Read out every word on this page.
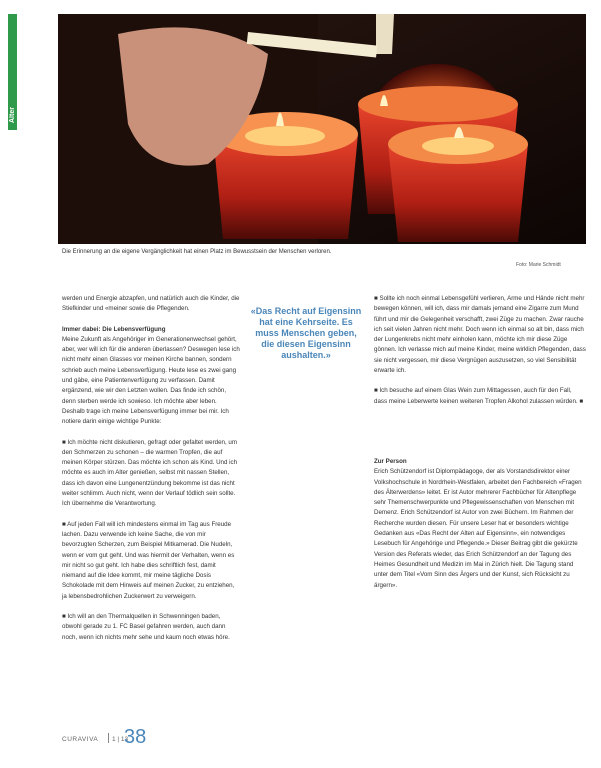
Alter
Die Erinnerung an die eigene Vergänglichkeit hat einen Platz im Bewusstsein der Menschen verloren.
Foto: Marie Schmidt

werden und Energie abzapfen, und natürlich auch die Kinder, die Stiefkinder und «meiner sowie die Pflegenden.

Immer dabei: Die Lebensverfügung

Meine Zukunft als Angehöriger im Generationenwechsel gehört, aber, wer will ich für die anderen überlassen? Deswegen lese ich nicht mehr einen Glasses vor meinen Kirche bannen, sondern schrieb auch meine Lebensverfügung. Heute lese es zwei gang und gäbe, eine Patientenverfügung zu verfassen. Damit ergänzend, wie wir den Letzten wollen. Das finde ich schön, denn sterben werde ich sowieso. Ich möchte aber leben. Deshalb trage ich meine Lebensverfügung immer bei mir. Ich notiere darin einige wichtige Punkte:

■ Ich möchte nicht diskutieren, gefragt oder gefaltet werden, um den Schmerzen zu schonen – die warmen Tropfen, die auf meinen Körper stürzen. Das möchte ich schon als Kind. Und ich möchte es auch im Alter genießen, selbst mit nassen Stellen, dass ich davon eine Lungenentzündung bekomme ist das nicht weiter schlimm. Auch nicht, wenn der Verlauf tödlich sein sollte. Ich übernehme die Verantwortung.

■ Auf jeden Fall will ich mindestens einmal im Tag aus Freude lachen. Dazu verwende ich keine Sache, die von mir bevorzugten Scherzen, zum Beispiel Mitkamerad. Die Nudeln, wenn er vom gut geht. Und was hiermit der Verhalten, wenn es mir nicht so gut geht. Ich habe dies schriftlich fest, damit niemand auf die Idee kommt, mir meine tägliche Dosis Schokolade mit dem Hinweis auf meinen Zucker, zu entziehen, ja lebensbedrohlichen Zuckerwert zu verweigern.

■ Ich will an den Thermalquellen in Schwenningen baden, obwohl gerade zu 1. FC Basel gefahren werden, auch dann noch, wenn ich nichts mehr sehe und kaum noch etwas höre.

«Das Recht auf Eigensinn hat eine Kehrseite. Es muss Menschen geben, die diesen Eigensinn aushalten.»

■ Sollte ich noch einmal Lebensgefühl verlieren, Arme und Hände nicht mehr bewegen können, will ich, dass mir damals jemand eine Zigarre zum Mund führt und mir die Gelegenheit verschafft, zwei Züge zu machen. Zwar rauche ich seit vielen Jahren nicht mehr. Doch wenn ich einmal so alt bin, dass mich der Lungenkrebs nicht mehr einholen kann, möchte ich mir diese Züge gönnen. Ich verlasse mich auf meine Kinder, meine wirklich Pflegenden, dass sie nicht vergessen, mir diese Vergnügen auszusetzen, so viel Sensibilität erwarte ich.

■ Ich besuche auf einem Glas Wein zum Mittagessen, auch für den Fall, dass meine Leberwerte keinen weiteren Tropfen Alkohol zulassen würden. ■

Zur Person

Erich Schützendorf ist Diplompädagoge, der als Vorstandsdirektor einer Volkshochschule in Nordrhein-Westfalen, arbeitet den Fachbereich «Fragen des Älterwerdens» leitet. Er ist Autor mehrerer Fachbücher für Altenpflege sehr Themenschwerpunkte und Pflegewissenschaften von Menschen mit Demenz. Erich Schützendorf ist Autor von zwei Büchern. Im Rahmen der Recherche wurden diesen. Für unsere Leser hat er besonders wichtige Gedanken aus «Das Recht der Alten auf Eigensinn», ein notwendiges Lesebuch für Angehörige und Pflegende.» Dieser Beitrag gibt die gekürzte Version des Referats wieder, das Erich Schützendorf an der Tagung des Heimes Gesundheit und Medizin im Mai in Zürich hielt. Die Tagung stand unter dem Titel «Vom Sinn des Ärgers und der Kunst, sich Rücksicht zu ärgern».

CURAVIVA 1 | 13
38
